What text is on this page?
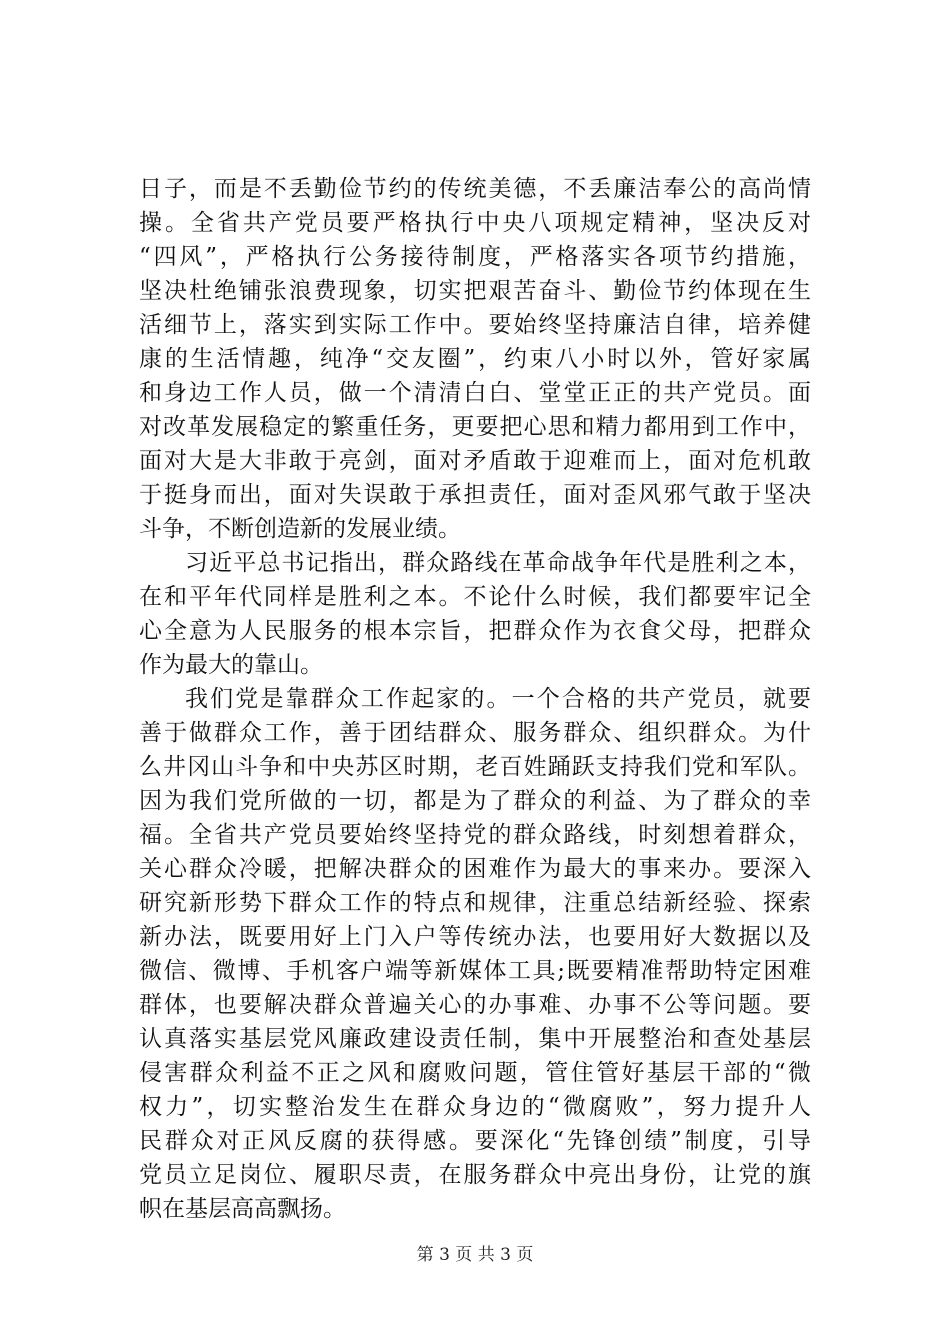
日子，而是不丢勤俭节约的传统美德，不丢廉洁奉公的高尚情
操。全省共产党员要严格执行中央八项规定精神，坚决反对
“四风”，严格执行公务接待制度，严格落实各项节约措施，
坚决杜绝铺张浪费现象，切实把艰苦奋斗、勤俭节约体现在生
活细节上，落实到实际工作中。要始终坚持廉洁自律，培养健
康的生活情趣，纯净“交友圈”，约束八小时以外，管好家属
和身边工作人员，做一个清清白白、堂堂正正的共产党员。面
对改革发展稳定的繁重任务，更要把心思和精力都用到工作中，
面对大是大非敢于亮剑，面对矛盾敢于迎难而上，面对危机敢
于挺身而出，面对失误敢于承担责任，面对歪风邪气敢于坚决
斗争，不断创造新的发展业绩。
习近平总书记指出，群众路线在革命战争年代是胜利之本，
在和平年代同样是胜利之本。不论什么时候，我们都要牢记全
心全意为人民服务的根本宗旨，把群众作为衣食父母，把群众
作为最大的靠山。
我们党是靠群众工作起家的。一个合格的共产党员，就要
善于做群众工作，善于团结群众、服务群众、组织群众。为什
么井冈山斗争和中央苏区时期，老百姓踊跃支持我们党和军队。
因为我们党所做的一切，都是为了群众的利益、为了群众的幸
福。全省共产党员要始终坚持党的群众路线，时刻想着群众，
关心群众冷暖，把解决群众的困难作为最大的事来办。要深入
研究新形势下群众工作的特点和规律，注重总结新经验、探索
新办法，既要用好上门入户等传统办法，也要用好大数据以及
微信、微博、手机客户端等新媒体工具;既要精准帮助特定困难
群体，也要解决群众普遍关心的办事难、办事不公等问题。要
认真落实基层党风廉政建设责任制，集中开展整治和查处基层
侵害群众利益不正之风和腐败问题，管住管好基层干部的“微
权力”，切实整治发生在群众身边的“微腐败”，努力提升人
民群众对正风反腐的获得感。要深化“先锋创绩”制度，引导
党员立足岗位、履职尽责，在服务群众中亮出身份，让党的旗
帜在基层高高飘扬。
第 3 页 共 3 页
